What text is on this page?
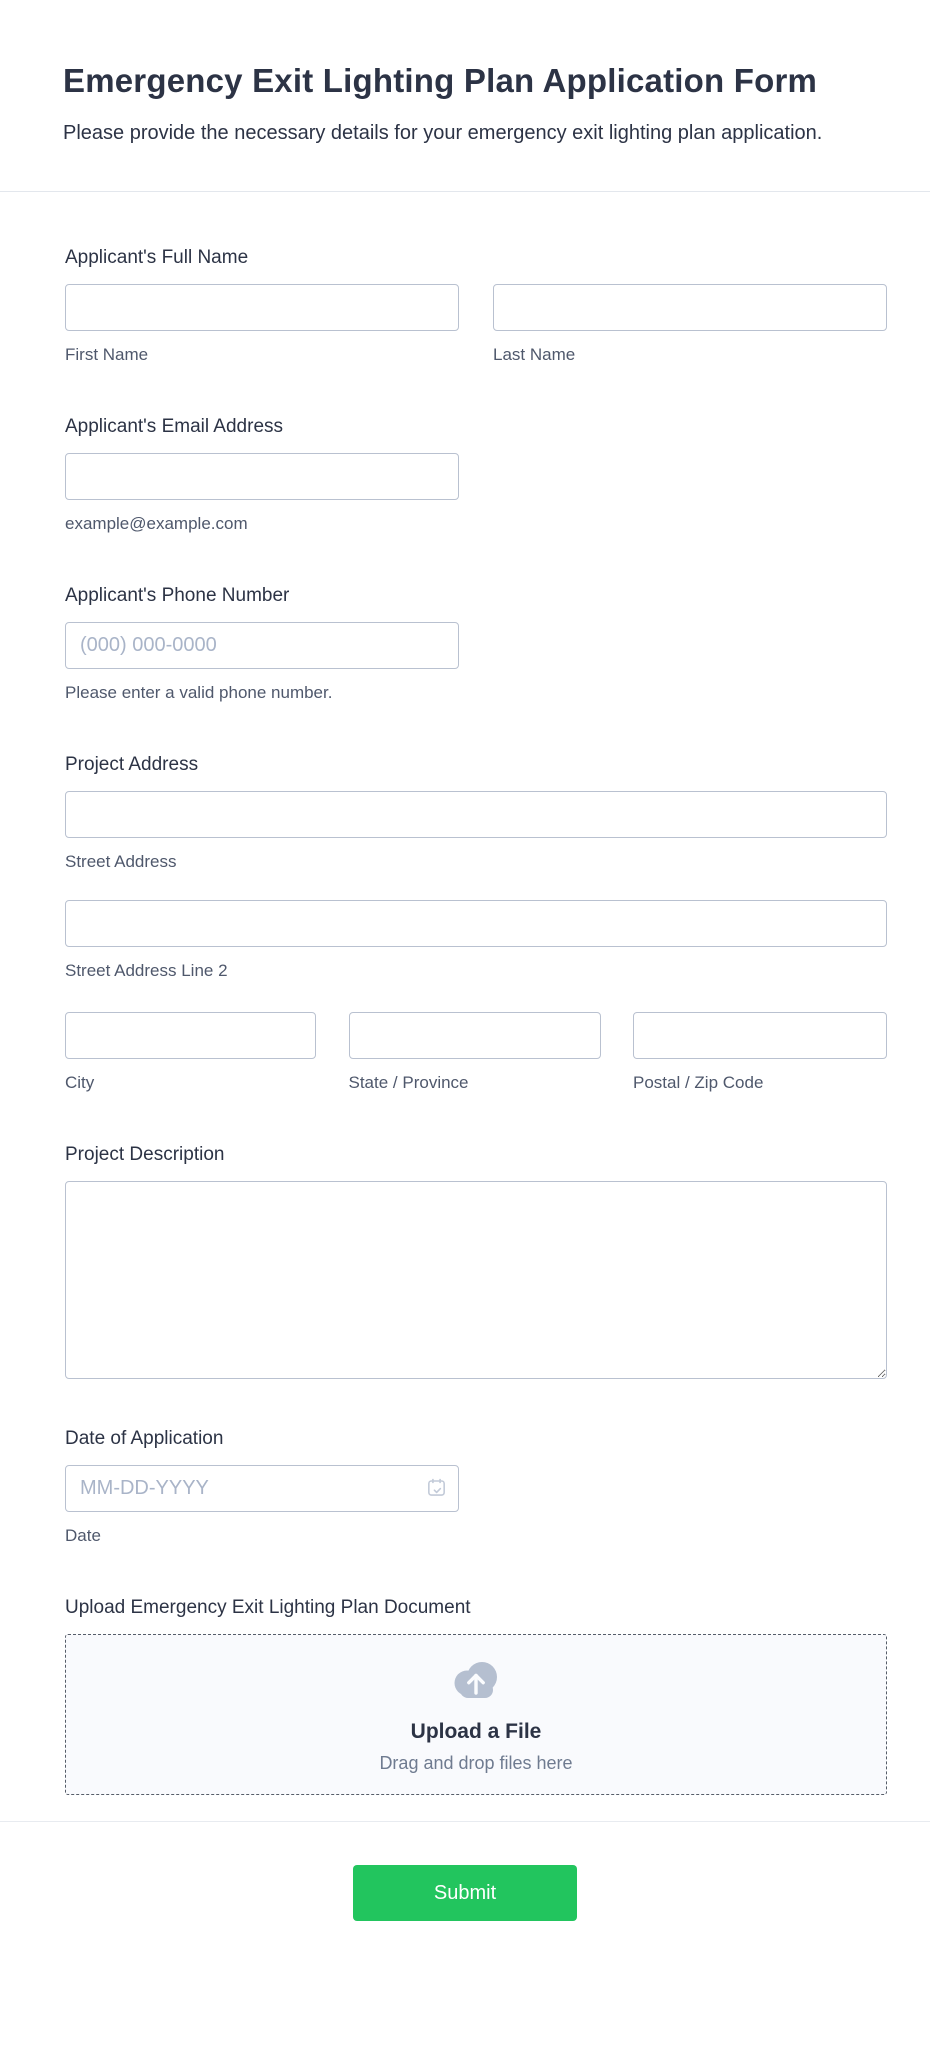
Emergency Exit Lighting Plan Application Form

Please provide the necessary details for your emergency exit lighting plan application.

Applicant's Full Name
First Name	Last Name
Applicant's Email Address
example@example.com
Applicant's Phone Number
(000) 000-0000
Please enter a valid phone number.
Project Address
Street Address
Street Address Line 2
City	State / Province	Postal / Zip Code
Project Description
Date of Application
MM-DD-YYYY
Date
Upload Emergency Exit Lighting Plan Document
Upload a File
Drag and drop files here
Submit
